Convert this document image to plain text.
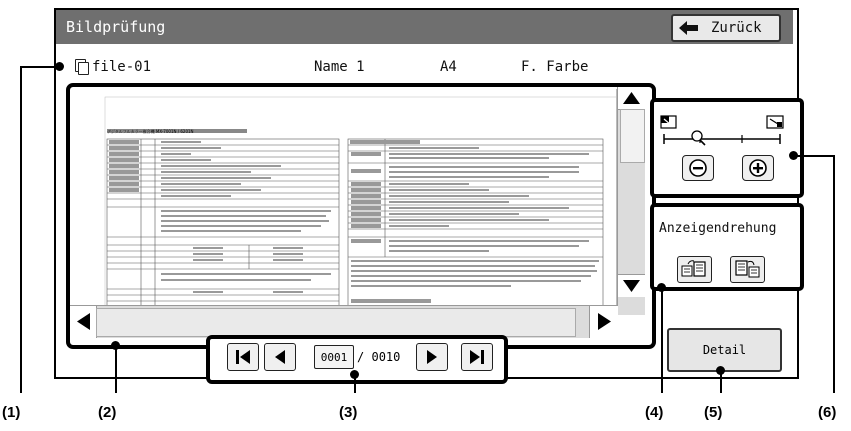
Bildprüfung	Zurück
file-01	Name 1	A4	F. Farbe
デジタルフルカラー複合機 MX-7001N / 6201N
0001 / 0010
Anzeigendrehung
Detail
(1)	(2)	(3)	(4)	(5)	(6)
